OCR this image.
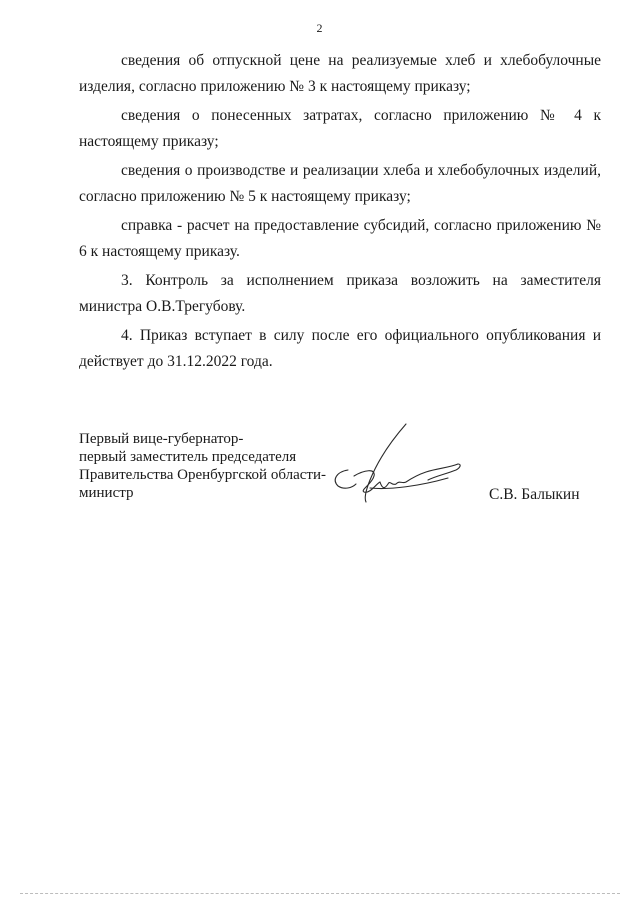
2

сведения об отпускной цене на реализуемые хлеб и хлебобулочные изделия, согласно приложению № 3 к настоящему приказу;

сведения о понесенных затратах, согласно приложению № 4 к настоящему приказу;

сведения о производстве и реализации хлеба и хлебобулочных изделий, согласно приложению № 5 к настоящему приказу;

справка - расчет на предоставление субсидий, согласно приложению № 6 к настоящему приказу.

3. Контроль за исполнением приказа возложить на заместителя министра О.В.Трегубову.

4. Приказ вступает в силу после его официального опубликования и действует до 31.12.2022 года.

Первый вице-губернатор-
первый заместитель председателя
Правительства Оренбургской области-
министр	С.В. Балыкин
